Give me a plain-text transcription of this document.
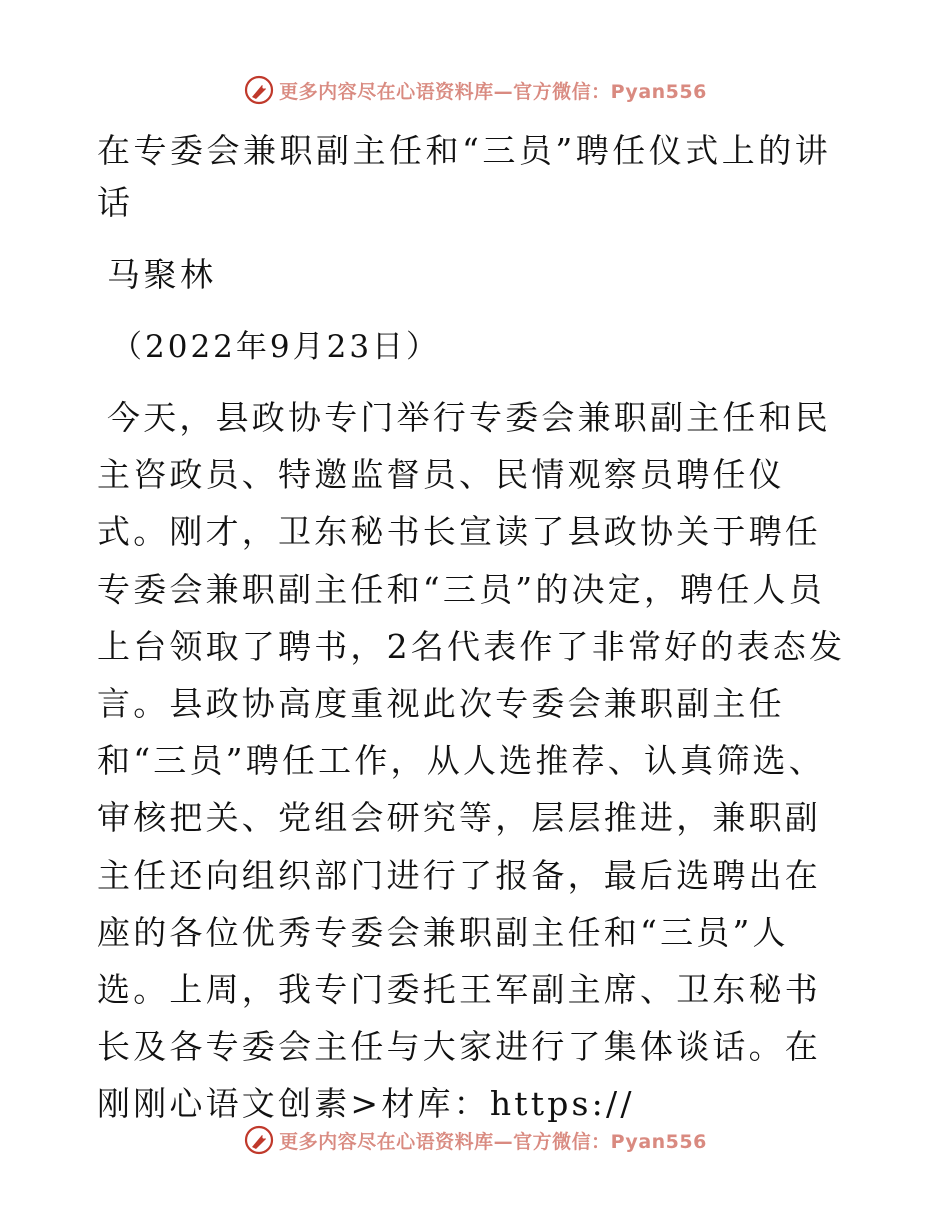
更多内容尽在心语资料库—官方微信：Pyan556
在专委会兼职副主任和“三员”聘任仪式上的讲话
马聚林
（2022年9月23日）
今天，县政协专门举行专委会兼职副主任和民主咨政员、特邀监督员、民情观察员聘任仪式。刚才，卫东秘书长宣读了县政协关于聘任专委会兼职副主任和“三员”的决定，聘任人员上台领取了聘书，2名代表作了非常好的表态发言。县政协高度重视此次专委会兼职副主任和“三员”聘任工作，从人选推荐、认真筛选、审核把关、党组会研究等，层层推进，兼职副主任还向组织部门进行了报备，最后选聘出在座的各位优秀专委会兼职副主任和“三员”人选。上周，我专门委托王军副主席、卫东秘书长及各专委会主任与大家进行了集体谈话。在刚刚心语文创素>材库：https://
更多内容尽在心语资料库—官方微信：Pyan556
